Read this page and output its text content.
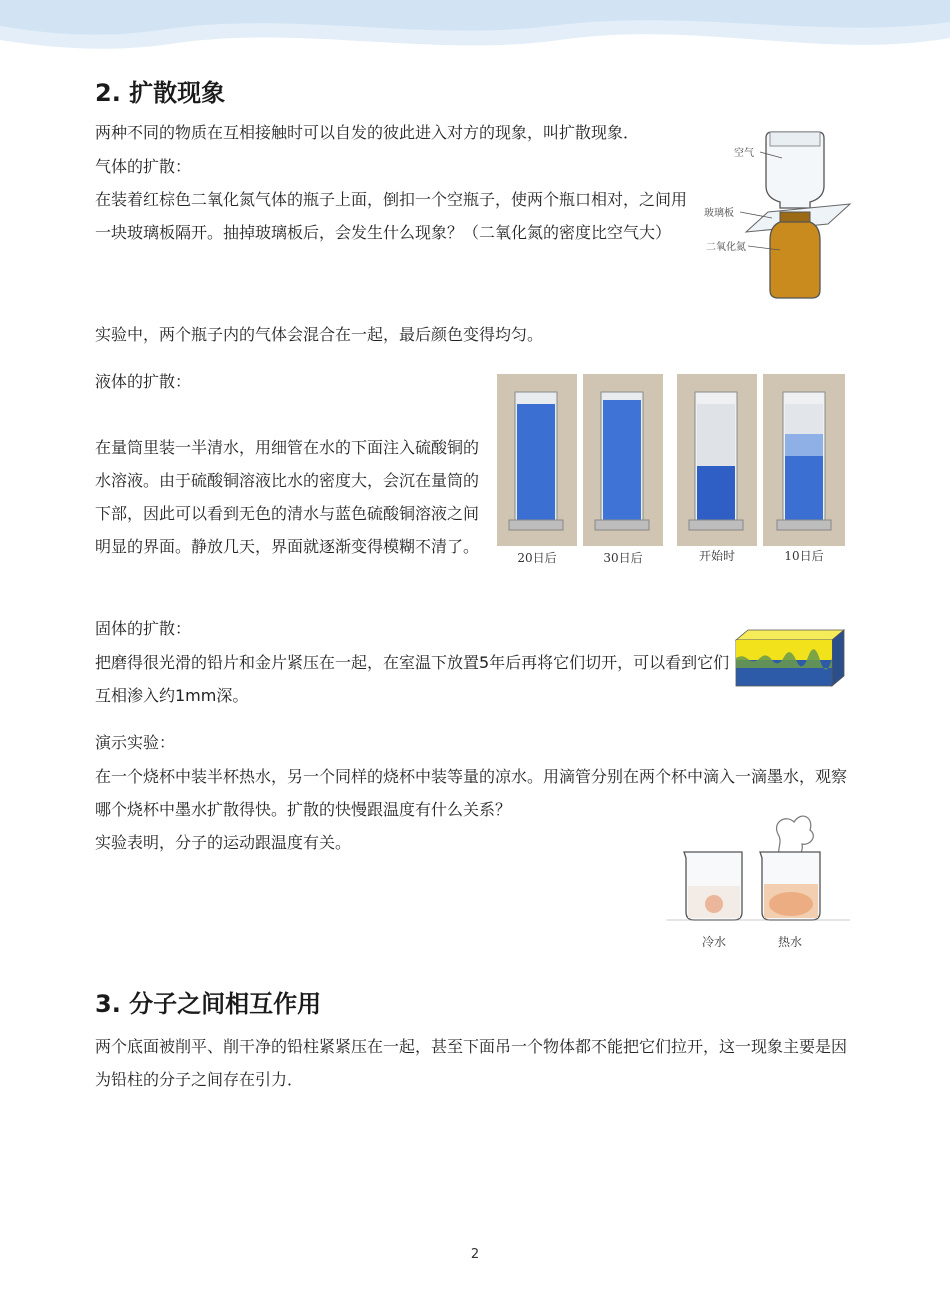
2. 扩散现象

两种不同的物质在互相接触时可以自发的彼此进入对方的现象，叫扩散现象．

气体的扩散：

在装着红棕色二氧化氮气体的瓶子上面，倒扣一个空瓶子，使两个瓶口相对，之间用一块玻璃板隔开。抽掉玻璃板后，会发生什么现象？（二氧化氮的密度比空气大）

空气
玻璃板
二氧化氮

实验中，两个瓶子内的气体会混合在一起，最后颜色变得均匀。

液体的扩散：

在量筒里装一半清水，用细管在水的下面注入硫酸铜的水溶液。由于硫酸铜溶液比水的密度大，会沉在量筒的下部，因此可以看到无色的清水与蓝色硫酸铜溶液之间明显的界面。静放几天，界面就逐渐变得模糊不清了。

20日后	30日后	开始时	10日后

固体的扩散：

把磨得很光滑的铅片和金片紧压在一起，在室温下放置5年后再将它们切开，可以看到它们互相渗入约1mm深。

演示实验：

在一个烧杯中装半杯热水，另一个同样的烧杯中装等量的凉水。用滴管分别在两个杯中滴入一滴墨水，观察哪个烧杯中墨水扩散得快。扩散的快慢跟温度有什么关系？

实验表明，分子的运动跟温度有关。

冷水	热水
3. 分子之间相互作用

两个底面被削平、削干净的铅柱紧紧压在一起，甚至下面吊一个物体都不能把它们拉开，这一现象主要是因为铅柱的分子之间存在引力．

2
